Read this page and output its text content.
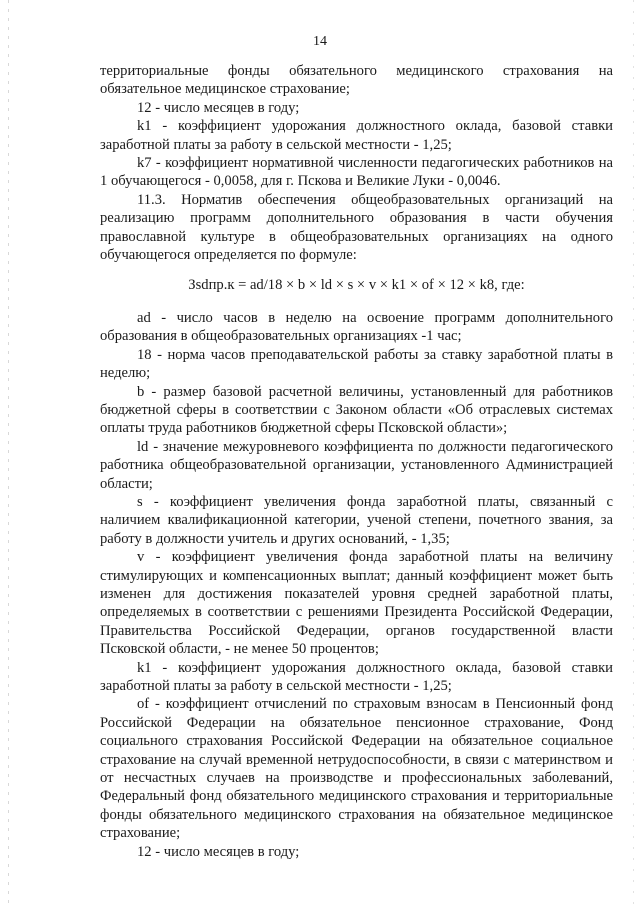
14

территориальные фонды обязательного медицинского страхования на обязательное медицинское страхование;

12 - число месяцев в году;

k1 - коэффициент удорожания должностного оклада, базовой ставки заработной платы за работу в сельской местности - 1,25;

k7 - коэффициент нормативной численности педагогических работников на 1 обучающегося - 0,0058, для г. Пскова и Великие Луки - 0,0046.

11.3. Норматив обеспечения общеобразовательных организаций на реализацию программ дополнительного образования в части обучения православной культуре в общеобразовательных организациях на одного обучающегося определяется по формуле:

Зsdпр.к = ad/18 × b × ld × s × v × k1 × of × 12 × k8, где:

ad - число часов в неделю на освоение программ дополнительного образования в общеобразовательных организациях -1 час;

18 - норма часов преподавательской работы за ставку заработной платы в неделю;

b - размер базовой расчетной величины, установленный для работников бюджетной сферы в соответствии с Законом области «Об отраслевых системах оплаты труда работников бюджетной сферы Псковской области»;

ld - значение межуровневого коэффициента по должности педагогического работника общеобразовательной организации, установленного Администрацией области;

s - коэффициент увеличения фонда заработной платы, связанный с наличием квалификационной категории, ученой степени, почетного звания, за работу в должности учитель и других оснований, - 1,35;

v - коэффициент увеличения фонда заработной платы на величину стимулирующих и компенсационных выплат; данный коэффициент может быть изменен для достижения показателей уровня средней заработной платы, определяемых в соответствии с решениями Президента Российской Федерации, Правительства Российской Федерации, органов государственной власти Псковской области, - не менее 50 процентов;

k1 - коэффициент удорожания должностного оклада, базовой ставки заработной платы за работу в сельской местности - 1,25;

of - коэффициент отчислений по страховым взносам в Пенсионный фонд Российской Федерации на обязательное пенсионное страхование, Фонд социального страхования Российской Федерации на обязательное социальное страхование на случай временной нетрудоспособности, в связи с материнством и от несчастных случаев на производстве и профессиональных заболеваний, Федеральный фонд обязательного медицинского страхования и территориальные фонды обязательного медицинского страхования на обязательное медицинское страхование;

12 - число месяцев в году;
